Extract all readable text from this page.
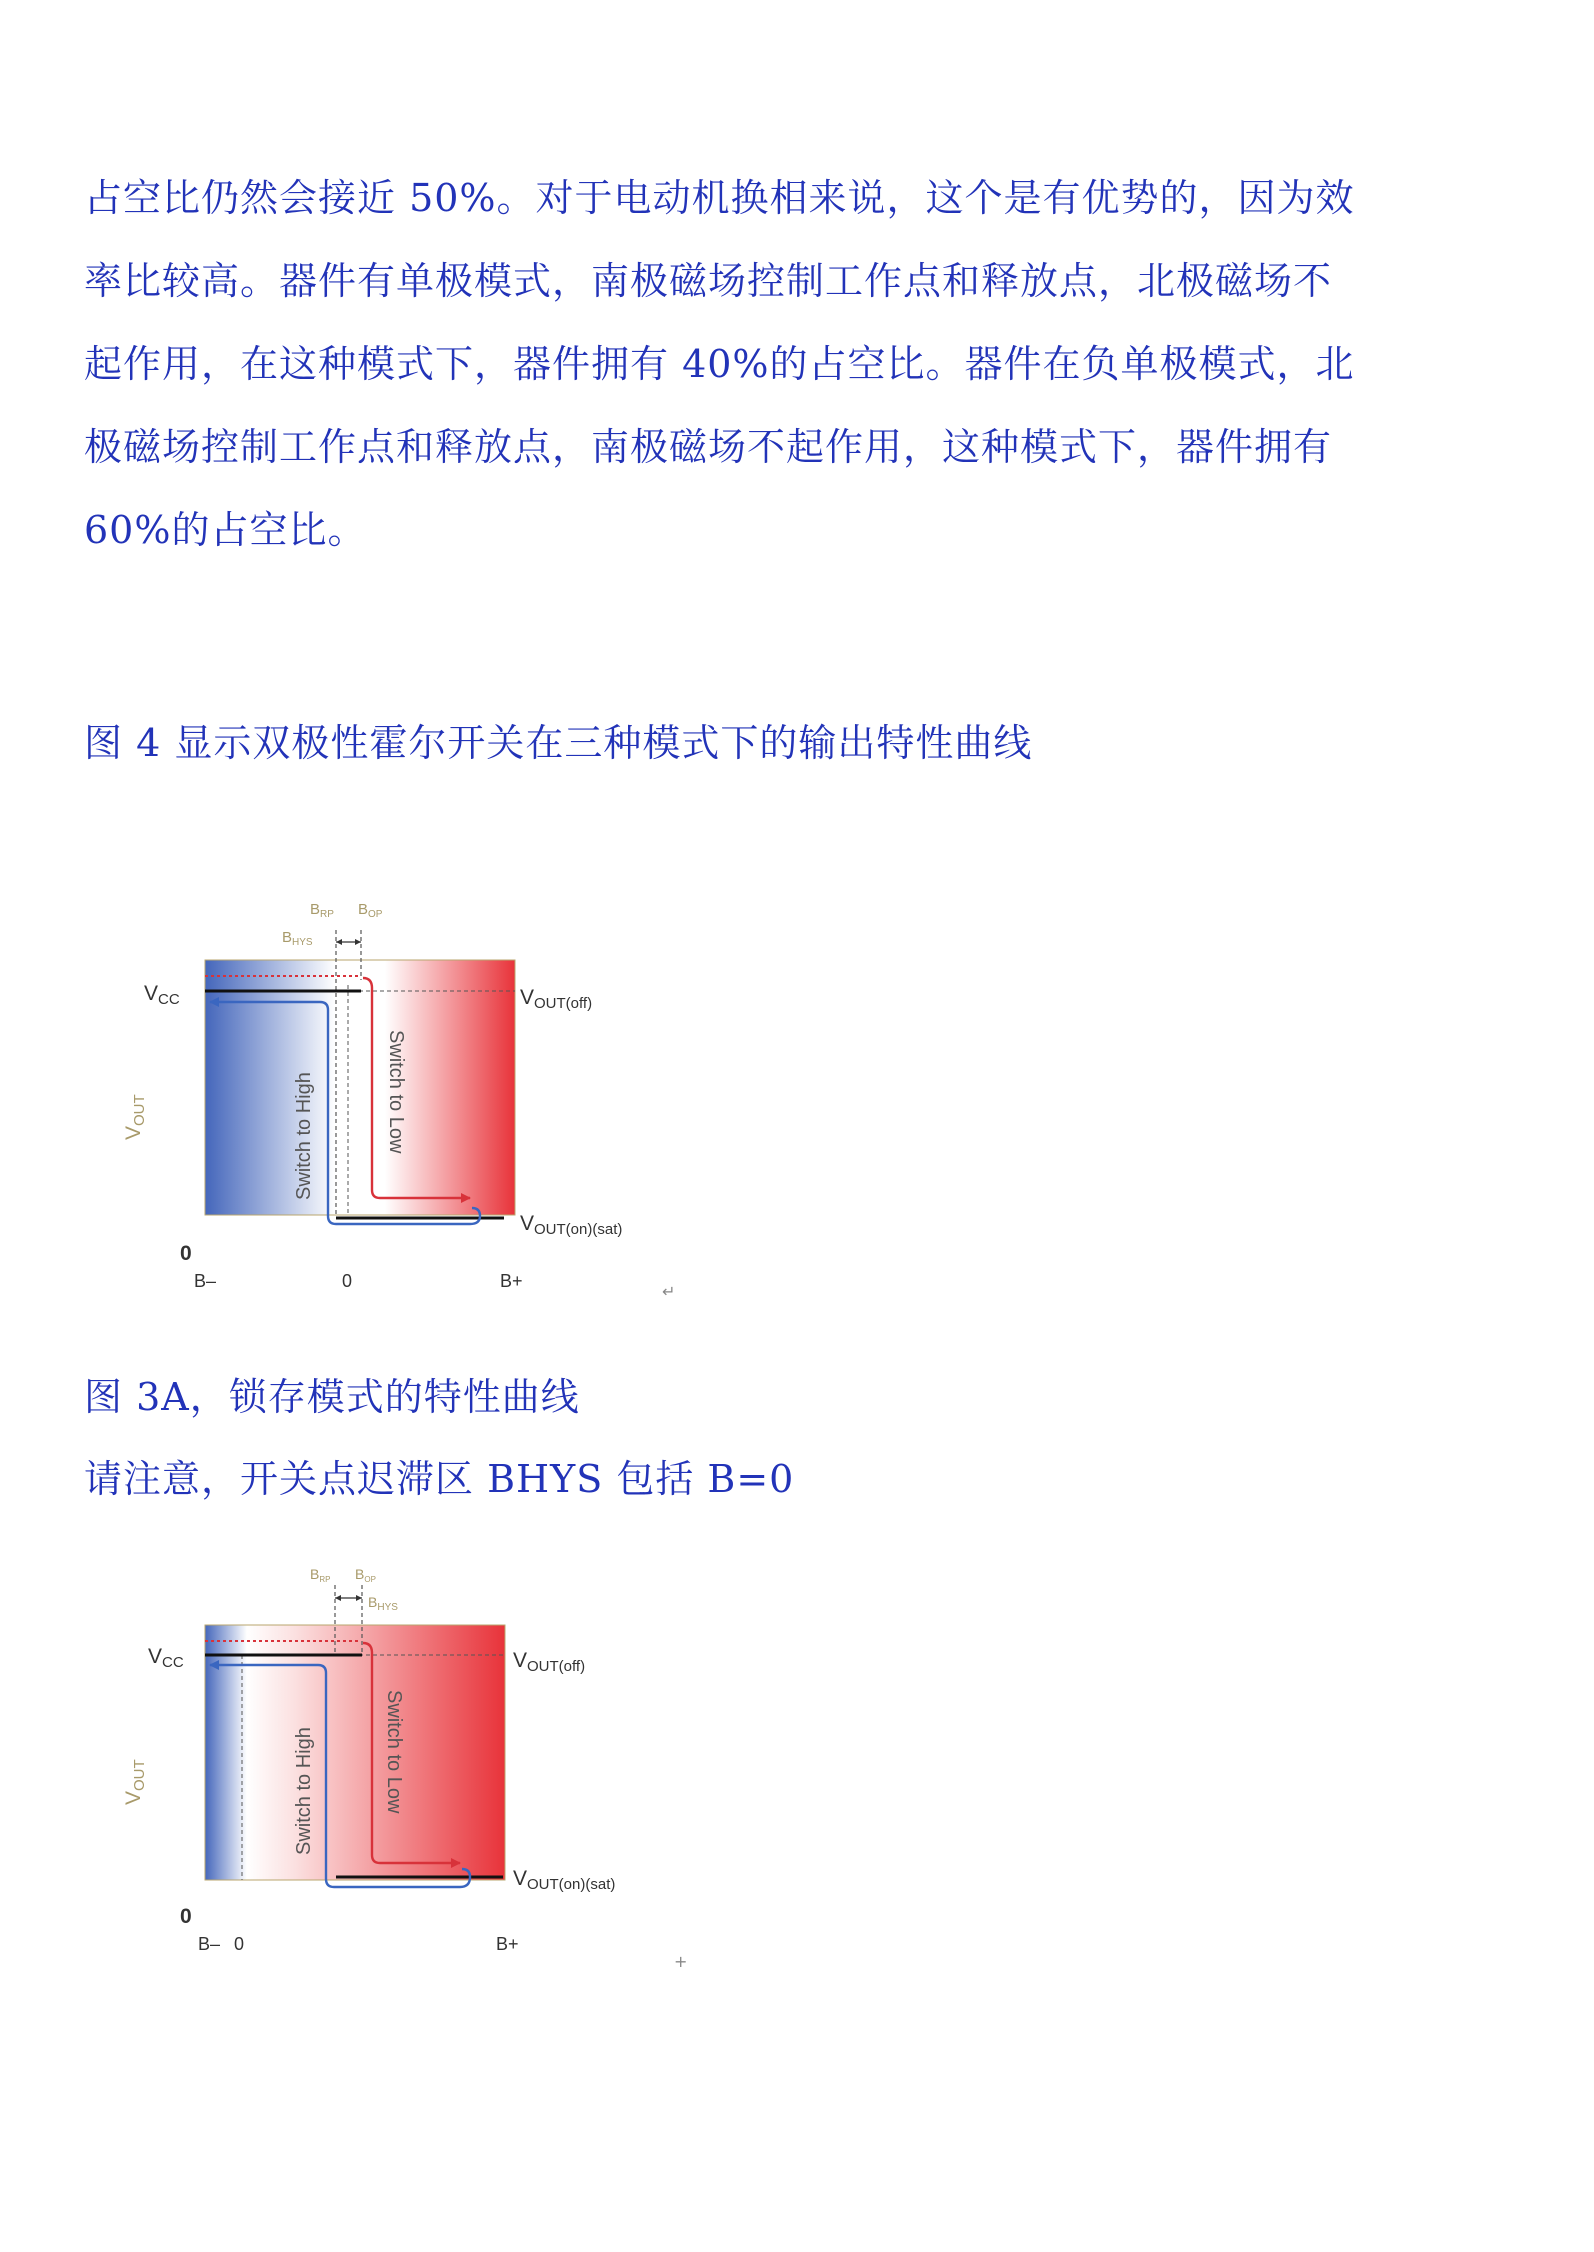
占空比仍然会接近 50%。对于电动机换相来说，这个是有优势的，因为效
率比较高。器件有单极模式，南极磁场控制工作点和释放点，北极磁场不
起作用，在这种模式下，器件拥有 40%的占空比。器件在负单极模式，北
极磁场控制工作点和释放点，南极磁场不起作用，这种模式下，器件拥有
60%的占空比。
图 4 显示双极性霍尔开关在三种模式下的输出特性曲线
$B_{RP}$ $B_{OP}$
$B_{HYS}$
Switch to High	Switch to Low
VCC
VOUT
VOUT(off)
VOUT(on)(sat)
0
B–	0	B+
↵
图 3A，锁存模式的特性曲线
请注意，开关点迟滞区 BHYS 包括 B=0
$B_{RP}$ $B_{OP}$
$B_{HYS}$
Switch to High	Switch to Low
VCC
VOUT
VOUT(off)
VOUT(on)(sat)
0
B– 0	B+
+
